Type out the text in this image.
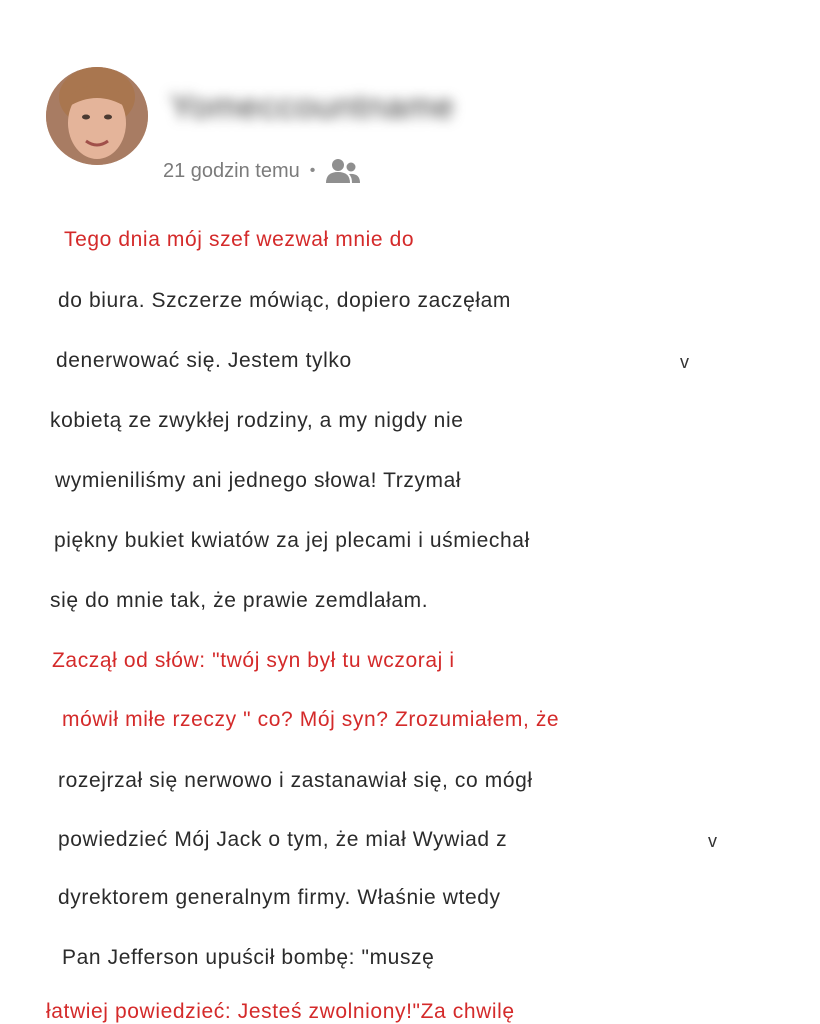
Yomeccountname
21 godzin temu •
Tego dnia mój szef wezwał mnie do
do biura. Szczerze mówiąc, dopiero zaczęłam
denerwować się. Jestem tylko
kobietą ze zwykłej rodziny, a my nigdy nie
wymieniliśmy ani jednego słowa! Trzymał
piękny bukiet kwiatów za jej plecami i uśmiechał
się do mnie tak, że prawie zemdlałam.
Zaczął od słów: "twój syn był tu wczoraj i
mówił miłe rzeczy " co? Mój syn? Zrozumiałem, że
rozejrzał się nerwowo i zastanawiał się, co mógł
powiedzieć Mój Jack o tym, że miał Wywiad z
dyrektorem generalnym firmy. Właśnie wtedy
Pan Jefferson upuścił bombę: "muszę
łatwiej powiedzieć: Jesteś zwolniony!"Za chwilę
v
v
